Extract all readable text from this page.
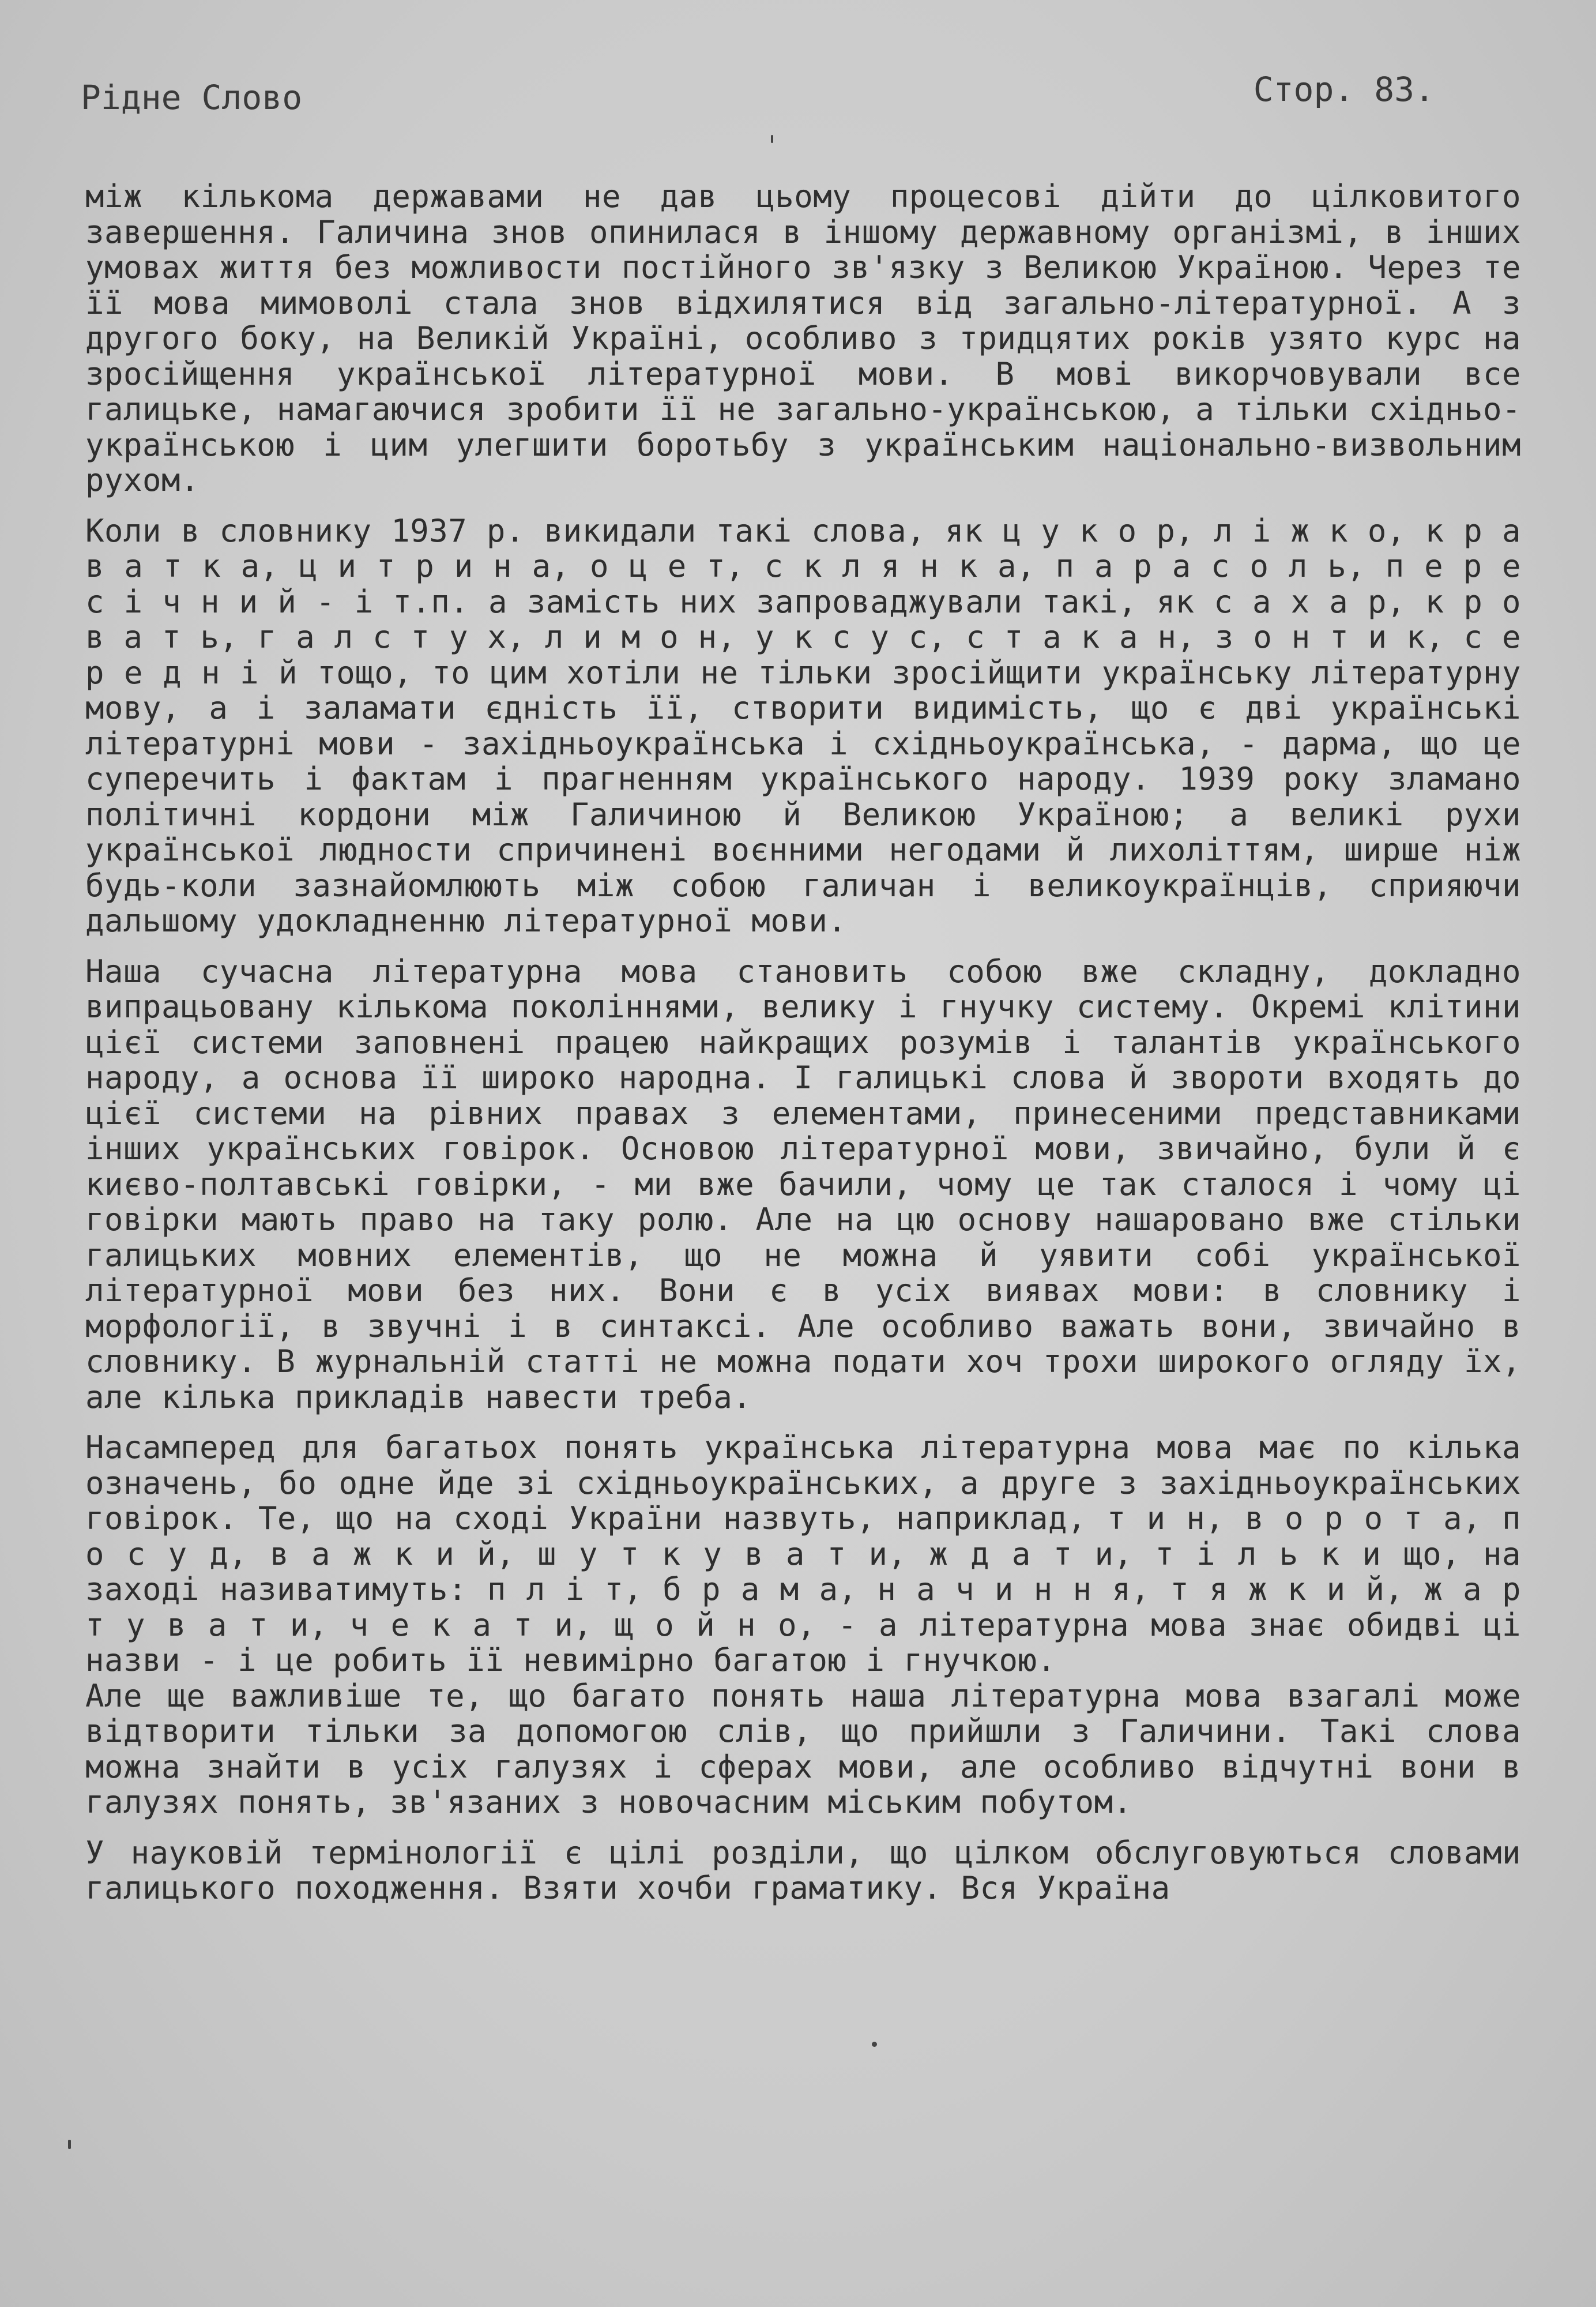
Рідне Слово	Стор. 83.

між кількома державами не дав цьому процесові дійти до цілковитого завершення. Галичина знов опинилася в іншому державному організмі, в інших умовах життя без можливости постійного зв'язку з Великою Україною. Через те її мова мимоволі стала знов відхилятися від загально-літературної. А з другого боку, на Великій Україні, особливо з тридцятих років узято курс на зросійщення української літературної мови. В мові викорчовували все галицьке, намагаючися зробити її не загально-українською, а тільки східньо-українською і цим улегшити боротьбу з українським національно-визвольним рухом.

Коли в словнику 1937 р. викидали такі слова, як ц у к о р, л і ж к о, к р а в а т к а, ц и т р и н а, о ц е т, с к л я н к а, п а р а с о л ь, п е р е с і ч н и й - і т.п. а замість них запроваджували такі, як с а х а р, к р о в а т ь, г а л с т у х, л и м о н, у к с у с, с т а к а н, з о н т и к, с е р е д н і й тощо, то цим хотіли не тільки зросійщити українську літературну мову, а і заламати єдність її, створити видимість, що є дві українські літературні мови - західньоукраїнська і східньоукраїнська, - дарма, що це суперечить і фактам і прагненням українського народу. 1939 року зламано політичні кордони між Галичиною й Великою Україною; а великі рухи української людности спричинені воєнними негодами й лихоліттям, ширше ніж будь-коли зазнайомлюють між собою галичан і великоукраїнців, сприяючи дальшому удокладненню літературної мови.

Наша сучасна літературна мова становить собою вже складну, докладно випрацьовану кількома поколіннями, велику і гнучку систему. Окремі клітини цієї системи заповнені працею найкращих розумів і талантів українського народу, а основа її широко народна. І галицькі слова й звороти входять до цієї системи на рівних правах з елементами, принесеними представниками інших українських говірок. Основою літературної мови, звичайно, були й є києво-полтавські говірки, - ми вже бачили, чому це так сталося і чому ці говірки мають право на таку ролю. Але на цю основу нашаровано вже стільки галицьких мовних елементів, що не можна й уявити собі української літературної мови без них. Вони є в усіх виявах мови: в словнику і морфології, в звучні і в синтаксі. Але особливо важать вони, звичайно в словнику. В журнальній статті не можна подати хоч трохи широкого огляду їх, але кілька прикладів навести треба.

Насамперед для багатьох понять українська літературна мова має по кілька означень, бо одне йде зі східньоукраїнських, а друге з західньоукраїнських говірок. Те, що на сході України назвуть, наприклад, т и н, в о р о т а, п о с у д, в а ж к и й, ш у т к у в а т и, ж д а т и, т і л ь к и що, на заході називатимуть: п л і т, б р а м а, н а ч и н н я, т я ж к и й, ж а р т у в а т и, ч е к а т и, щ о й н о, - а літературна мова знає обидві ці назви - і це робить її невимірно багатою і гнучкою.

Але ще важливіше те, що багато понять наша літературна мова взагалі може відтворити тільки за допомогою слів, що прийшли з Галичини. Такі слова можна знайти в усіх галузях і сферах мови, але особливо відчутні вони в галузях понять, зв'язаних з новочасним міським побутом.

У науковій термінології є цілі розділи, що цілком обслуговуються словами галицького походження. Взяти хочби граматику. Вся Україна
